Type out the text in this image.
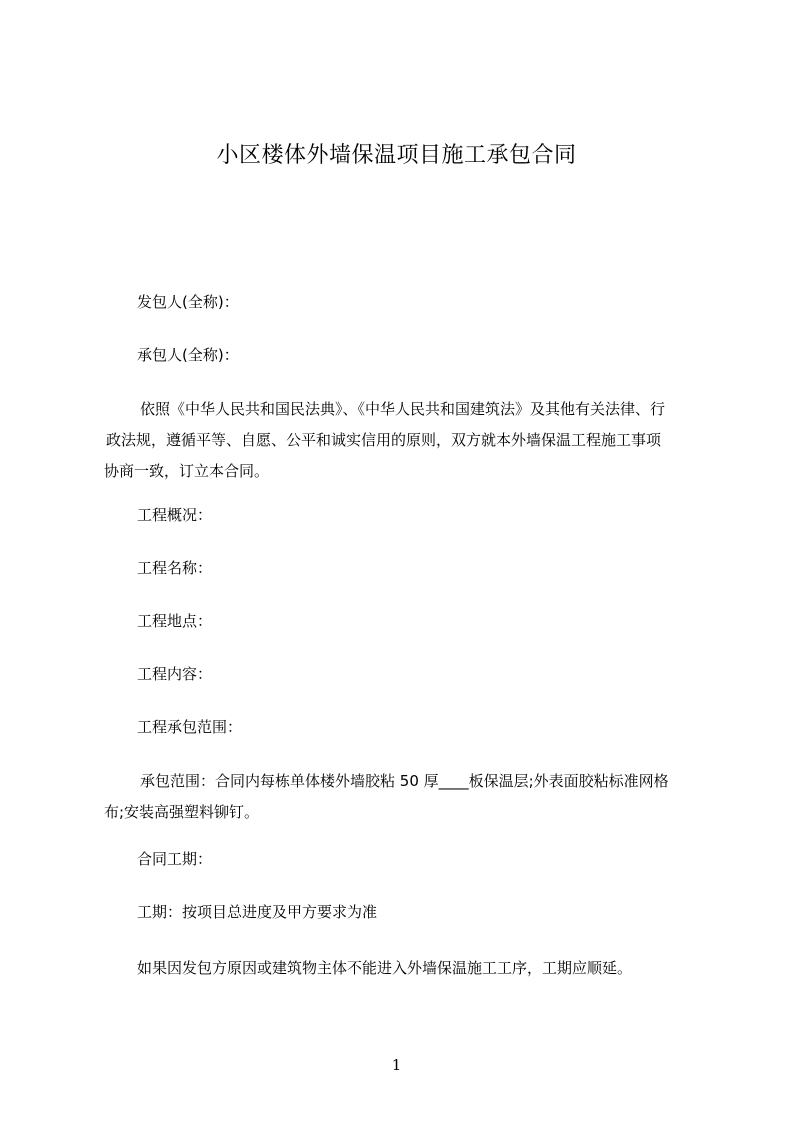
小区楼体外墙保温项目施工承包合同
发包人(全称)：
承包人(全称)：
依照《中华人民共和国民法典》、《中华人民共和国建筑法》及其他有关法律、行
政法规，遵循平等、自愿、公平和诚实信用的原则，双方就本外墙保温工程施工事项
协商一致，订立本合同。
工程概况：
工程名称：
工程地点：
工程内容：
工程承包范围：
承包范围：合同内每栋单体楼外墙胶粘 50 厚____板保温层;外表面胶粘标准网格
布;安装高强塑料铆钉。
合同工期：
工期：按项目总进度及甲方要求为准
如果因发包方原因或建筑物主体不能进入外墙保温施工工序，工期应顺延。
1
